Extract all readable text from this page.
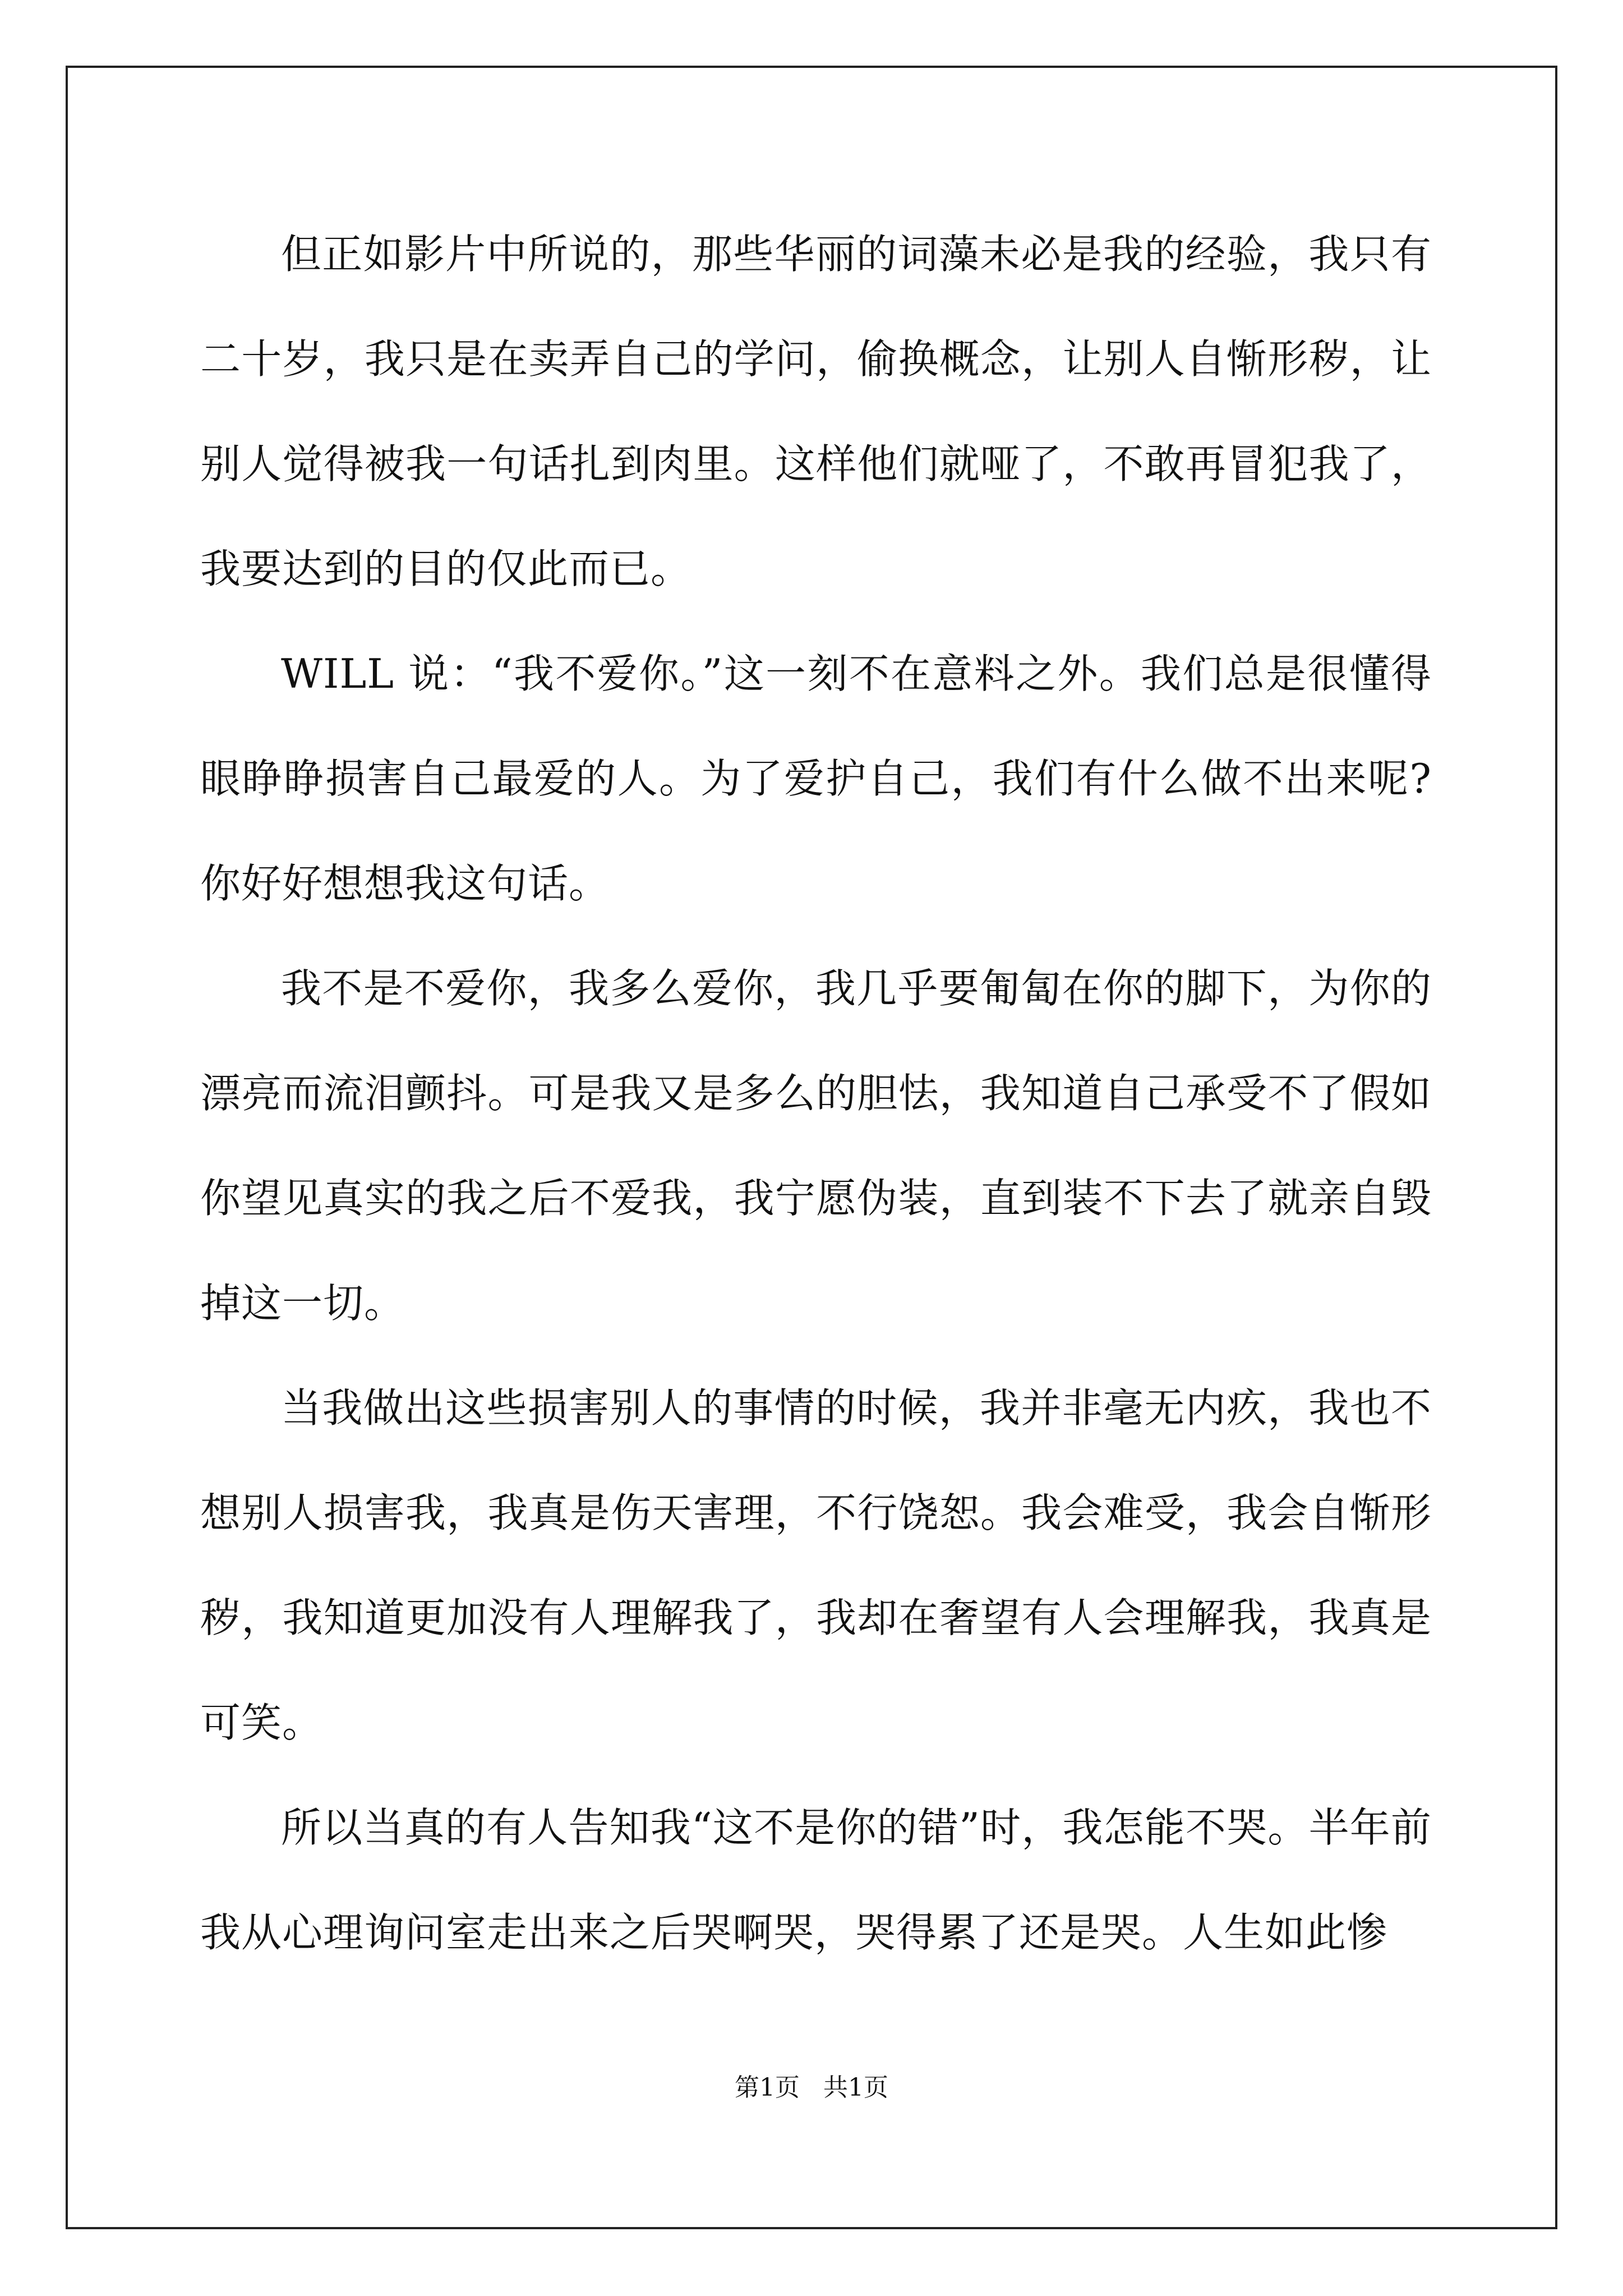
但正如影片中所说的，那些华丽的词藻未必是我的经验，我只有二十岁，我只是在卖弄自己的学问，偷换概念，让别人自惭形秽，让别人觉得被我一句话扎到肉里。这样他们就哑了，不敢再冒犯我了，我要达到的目的仅此而已。

WILL 说：“我不爱你。”这一刻不在意料之外。我们总是很懂得眼睁睁损害自己最爱的人。为了爱护自己，我们有什么做不出来呢?你好好想想我这句话。

我不是不爱你，我多么爱你，我几乎要匍匐在你的脚下，为你的漂亮而流泪颤抖。可是我又是多么的胆怯，我知道自己承受不了假如你望见真实的我之后不爱我，我宁愿伪装，直到装不下去了就亲自毁掉这一切。

当我做出这些损害别人的事情的时候，我并非毫无内疚，我也不想别人损害我，我真是伤天害理，不行饶恕。我会难受，我会自惭形秽，我知道更加没有人理解我了，我却在奢望有人会理解我，我真是可笑。

所以当真的有人告知我“这不是你的错”时，我怎能不哭。半年前我从心理询问室走出来之后哭啊哭，哭得累了还是哭。人生如此惨

第1页   共1页
